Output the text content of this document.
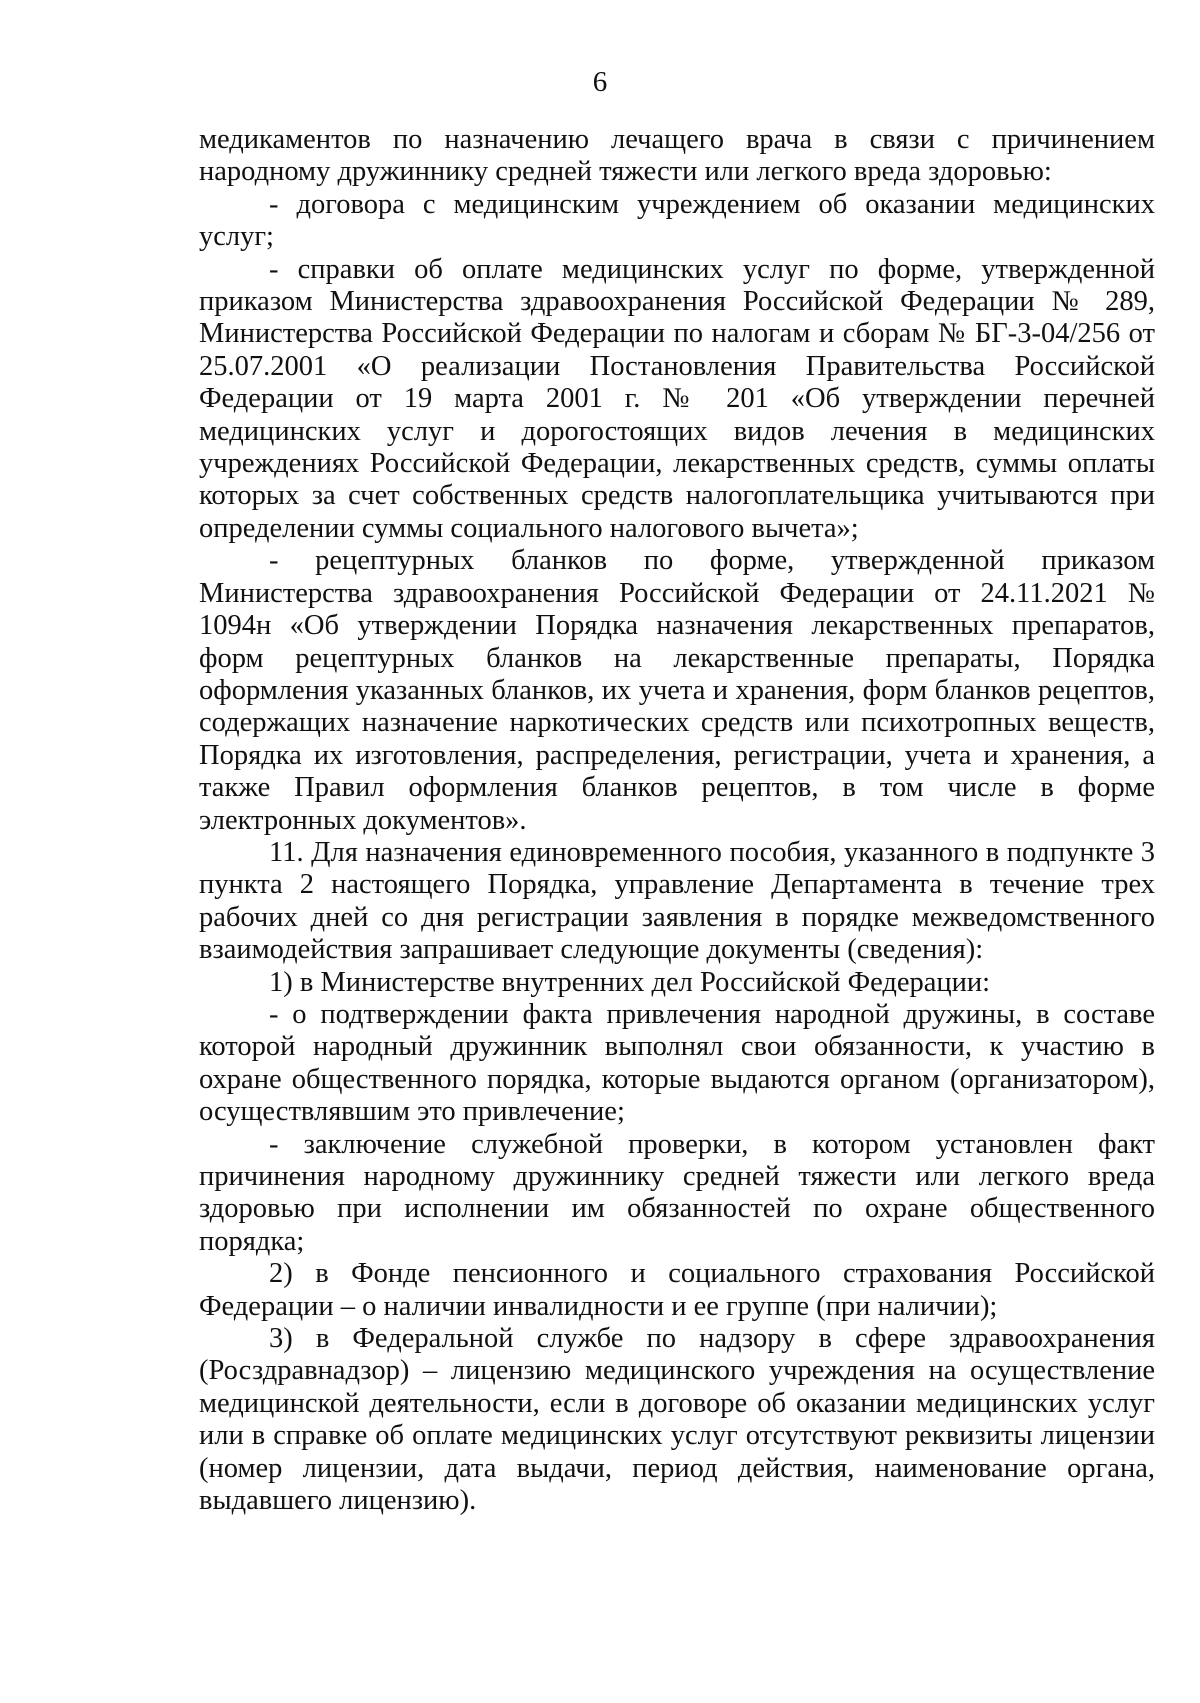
6

медикаментов по назначению лечащего врача в связи с причинением народному дружиннику средней тяжести или легкого вреда здоровью:

- договора с медицинским учреждением об оказании медицинских услуг;

- справки об оплате медицинских услуг по форме, утвержденной приказом Министерства здравоохранения Российской Федерации № 289, Министерства Российской Федерации по налогам и сборам № БГ-3-04/256 от 25.07.2001 «О реализации Постановления Правительства Российской Федерации от 19 марта 2001 г. № 201 «Об утверждении перечней медицинских услуг и дорогостоящих видов лечения в медицинских учреждениях Российской Федерации, лекарственных средств, суммы оплаты которых за счет собственных средств налогоплательщика учитываются при определении суммы социального налогового вычета»;

- рецептурных бланков по форме, утвержденной приказом Министерства здравоохранения Российской Федерации от 24.11.2021 № 1094н «Об утверждении Порядка назначения лекарственных препаратов, форм рецептурных бланков на лекарственные препараты, Порядка оформления указанных бланков, их учета и хранения, форм бланков рецептов, содержащих назначение наркотических средств или психотропных веществ, Порядка их изготовления, распределения, регистрации, учета и хранения, а также Правил оформления бланков рецептов, в том числе в форме электронных документов».

11. Для назначения единовременного пособия, указанного в подпункте 3 пункта 2 настоящего Порядка, управление Департамента в течение трех рабочих дней со дня регистрации заявления в порядке межведомственного взаимодействия запрашивает следующие документы (сведения):

1) в Министерстве внутренних дел Российской Федерации:

- о подтверждении факта привлечения народной дружины, в составе которой народный дружинник выполнял свои обязанности, к участию в охране общественного порядка, которые выдаются органом (организатором), осуществлявшим это привлечение;

- заключение служебной проверки, в котором установлен факт причинения народному дружиннику средней тяжести или легкого вреда здоровью при исполнении им обязанностей по охране общественного порядка;

2) в Фонде пенсионного и социального страхования Российской Федерации – о наличии инвалидности и ее группе (при наличии);

3) в Федеральной службе по надзору в сфере здравоохранения (Росздравнадзор) – лицензию медицинского учреждения на осуществление медицинской деятельности, если в договоре об оказании медицинских услуг или в справке об оплате медицинских услуг отсутствуют реквизиты лицензии (номер лицензии, дата выдачи, период действия, наименование органа, выдавшего лицензию).
